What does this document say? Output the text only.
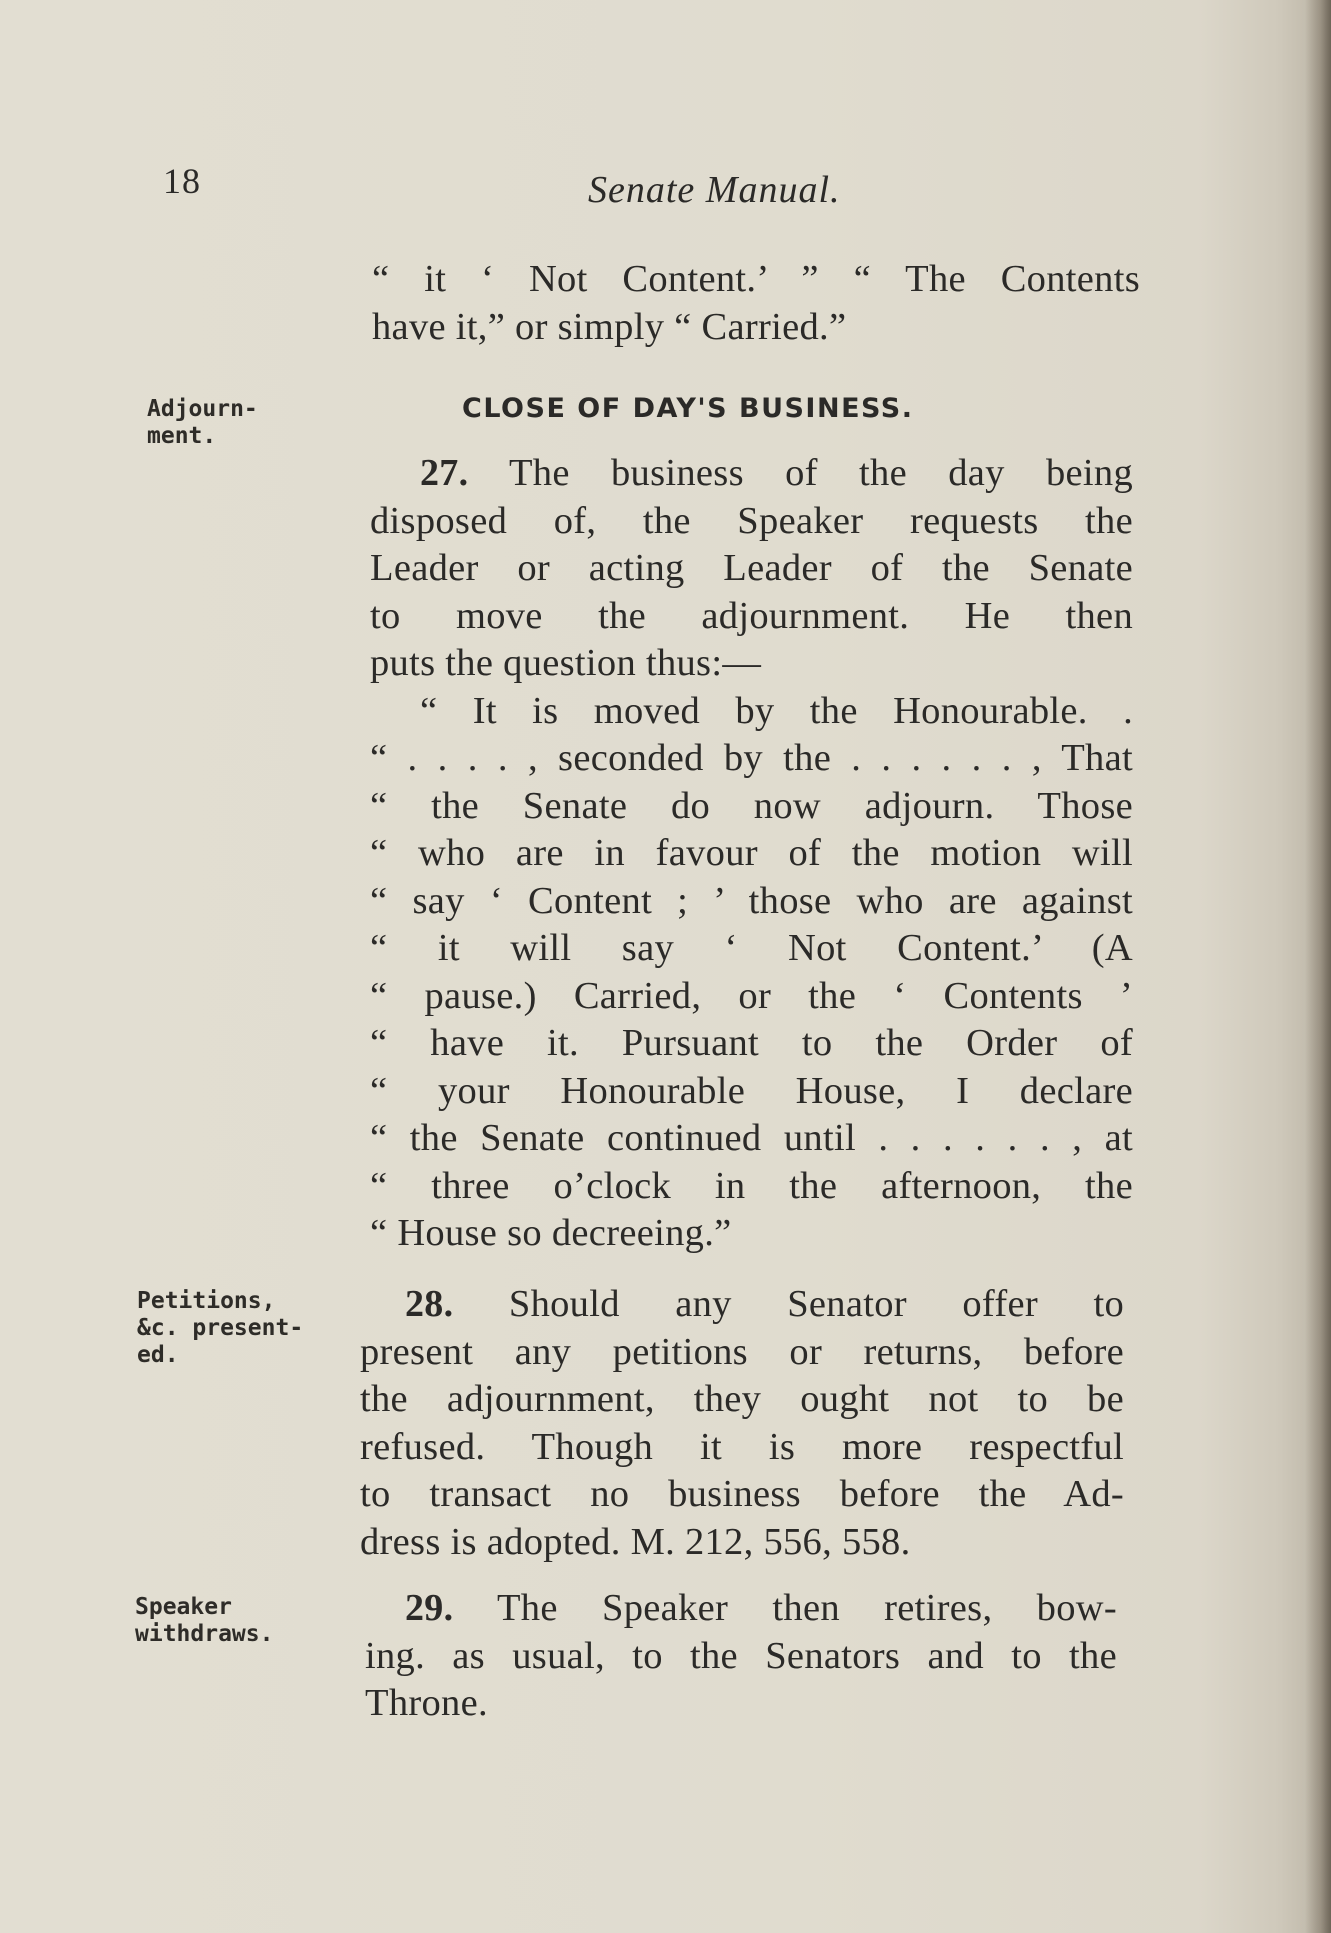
18	Senate Manual.
“ it ‘ Not Content.’ ” “ The Contents
have it,” or simply “ Carried.”
Adjourn-
ment.
CLOSE OF DAY'S BUSINESS.
27. The business of the day being
disposed of, the Speaker requests the
Leader or acting Leader of the Senate
to move the adjournment. He then
puts the question thus:—
“ It is moved by the Honourable. .
“ . . . . , seconded by the . . . . . . , That
“ the Senate do now adjourn. Those
“ who are in favour of the motion will
“ say ‘ Content ; ’ those who are against
“ it will say ‘ Not Content.’ (A
“ pause.) Carried, or the ‘ Contents ’
“ have it. Pursuant to the Order of
“ your Honourable House, I declare
“ the Senate continued until . . . . . . , at
“ three o’clock in the afternoon, the
“ House so decreeing.”
Petitions,
&c. present-
ed.
28. Should any Senator offer to
present any petitions or returns, before
the adjournment, they ought not to be
refused. Though it is more respectful
to transact no business before the Ad-
dress is adopted. M. 212, 556, 558.
Speaker
withdraws.
29. The Speaker then retires, bow-
ing. as usual, to the Senators and to the
Throne.
